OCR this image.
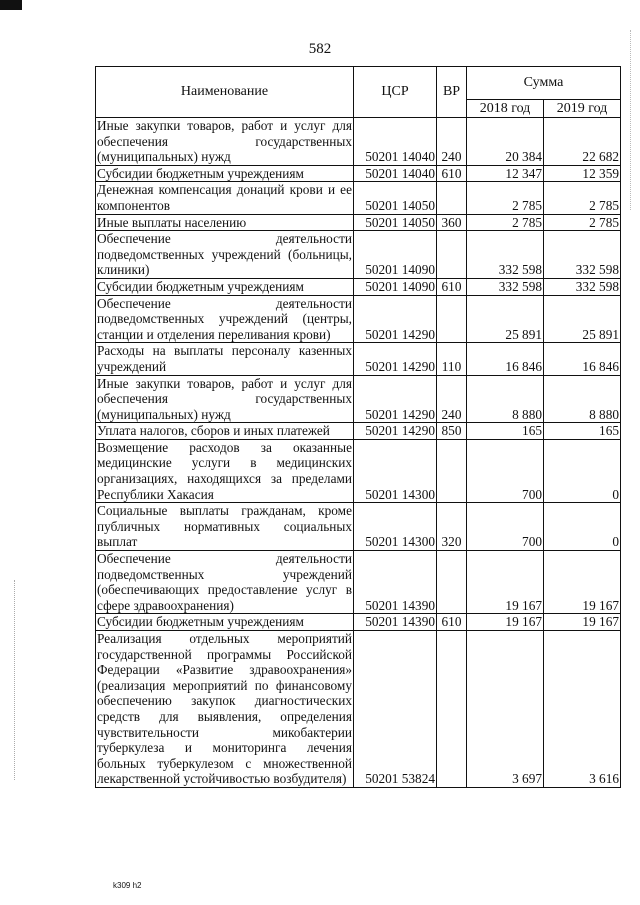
582
Наименование	ЦСР	ВР	Сумма	
			2018 год	2019 год
Иные закупки товаров, работ и услуг для обеспечения государственных (муниципальных) нужд	50201 14040	240	20 384	22 682
Субсидии бюджетным учреждениям	50201 14040	610	12 347	12 359
Денежная компенсация донаций крови и ее компонентов	50201 14050		2 785	2 785
Иные выплаты населению	50201 14050	360	2 785	2 785
Обеспечение деятельности подведомственных учреждений (больницы, клиники)	50201 14090		332 598	332 598
Субсидии бюджетным учреждениям	50201 14090	610	332 598	332 598
Обеспечение деятельности подведомственных учреждений (центры, станции и отделения переливания крови)	50201 14290		25 891	25 891
Расходы на выплаты персоналу казенных учреждений	50201 14290	110	16 846	16 846
Иные закупки товаров, работ и услуг для обеспечения государственных (муниципальных) нужд	50201 14290	240	8 880	8 880
Уплата налогов, сборов и иных платежей	50201 14290	850	165	165
Возмещение расходов за оказанные медицинские услуги в медицинских организациях, находящихся за пределами Республики Хакасия	50201 14300		700	0
Социальные выплаты гражданам, кроме публичных нормативных социальных выплат	50201 14300	320	700	0
Обеспечение деятельности подведомственных учреждений (обеспечивающих предоставление услуг в сфере здравоохранения)	50201 14390		19 167	19 167
Субсидии бюджетным учреждениям	50201 14390	610	19 167	19 167
Реализация отдельных мероприятий государственной программы Российской Федерации «Развитие здравоохранения» (реализация мероприятий по финансовому обеспечению закупок диагностических средств для выявления, определения чувствительности микобактерии туберкулеза и мониторинга лечения больных туберкулезом с множественной лекарственной устойчивостью возбудителя)	50201 53824		3 697	3 616
k309 h2
